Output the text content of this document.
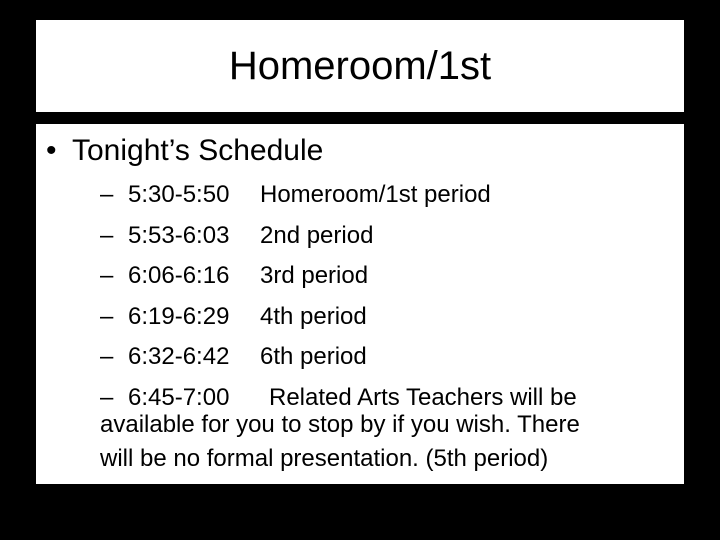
Homeroom/1st
• Tonight’s Schedule
– 5:30-5:50 Homeroom/1st period
– 5:53-6:03 2nd period
– 6:06-6:16 3rd period
– 6:19-6:29 4th period
– 6:32-6:42 6th period
– 6:45-7:00 Related Arts Teachers will be
available for you to stop by if you wish. There
will be no formal presentation. (5th period)
